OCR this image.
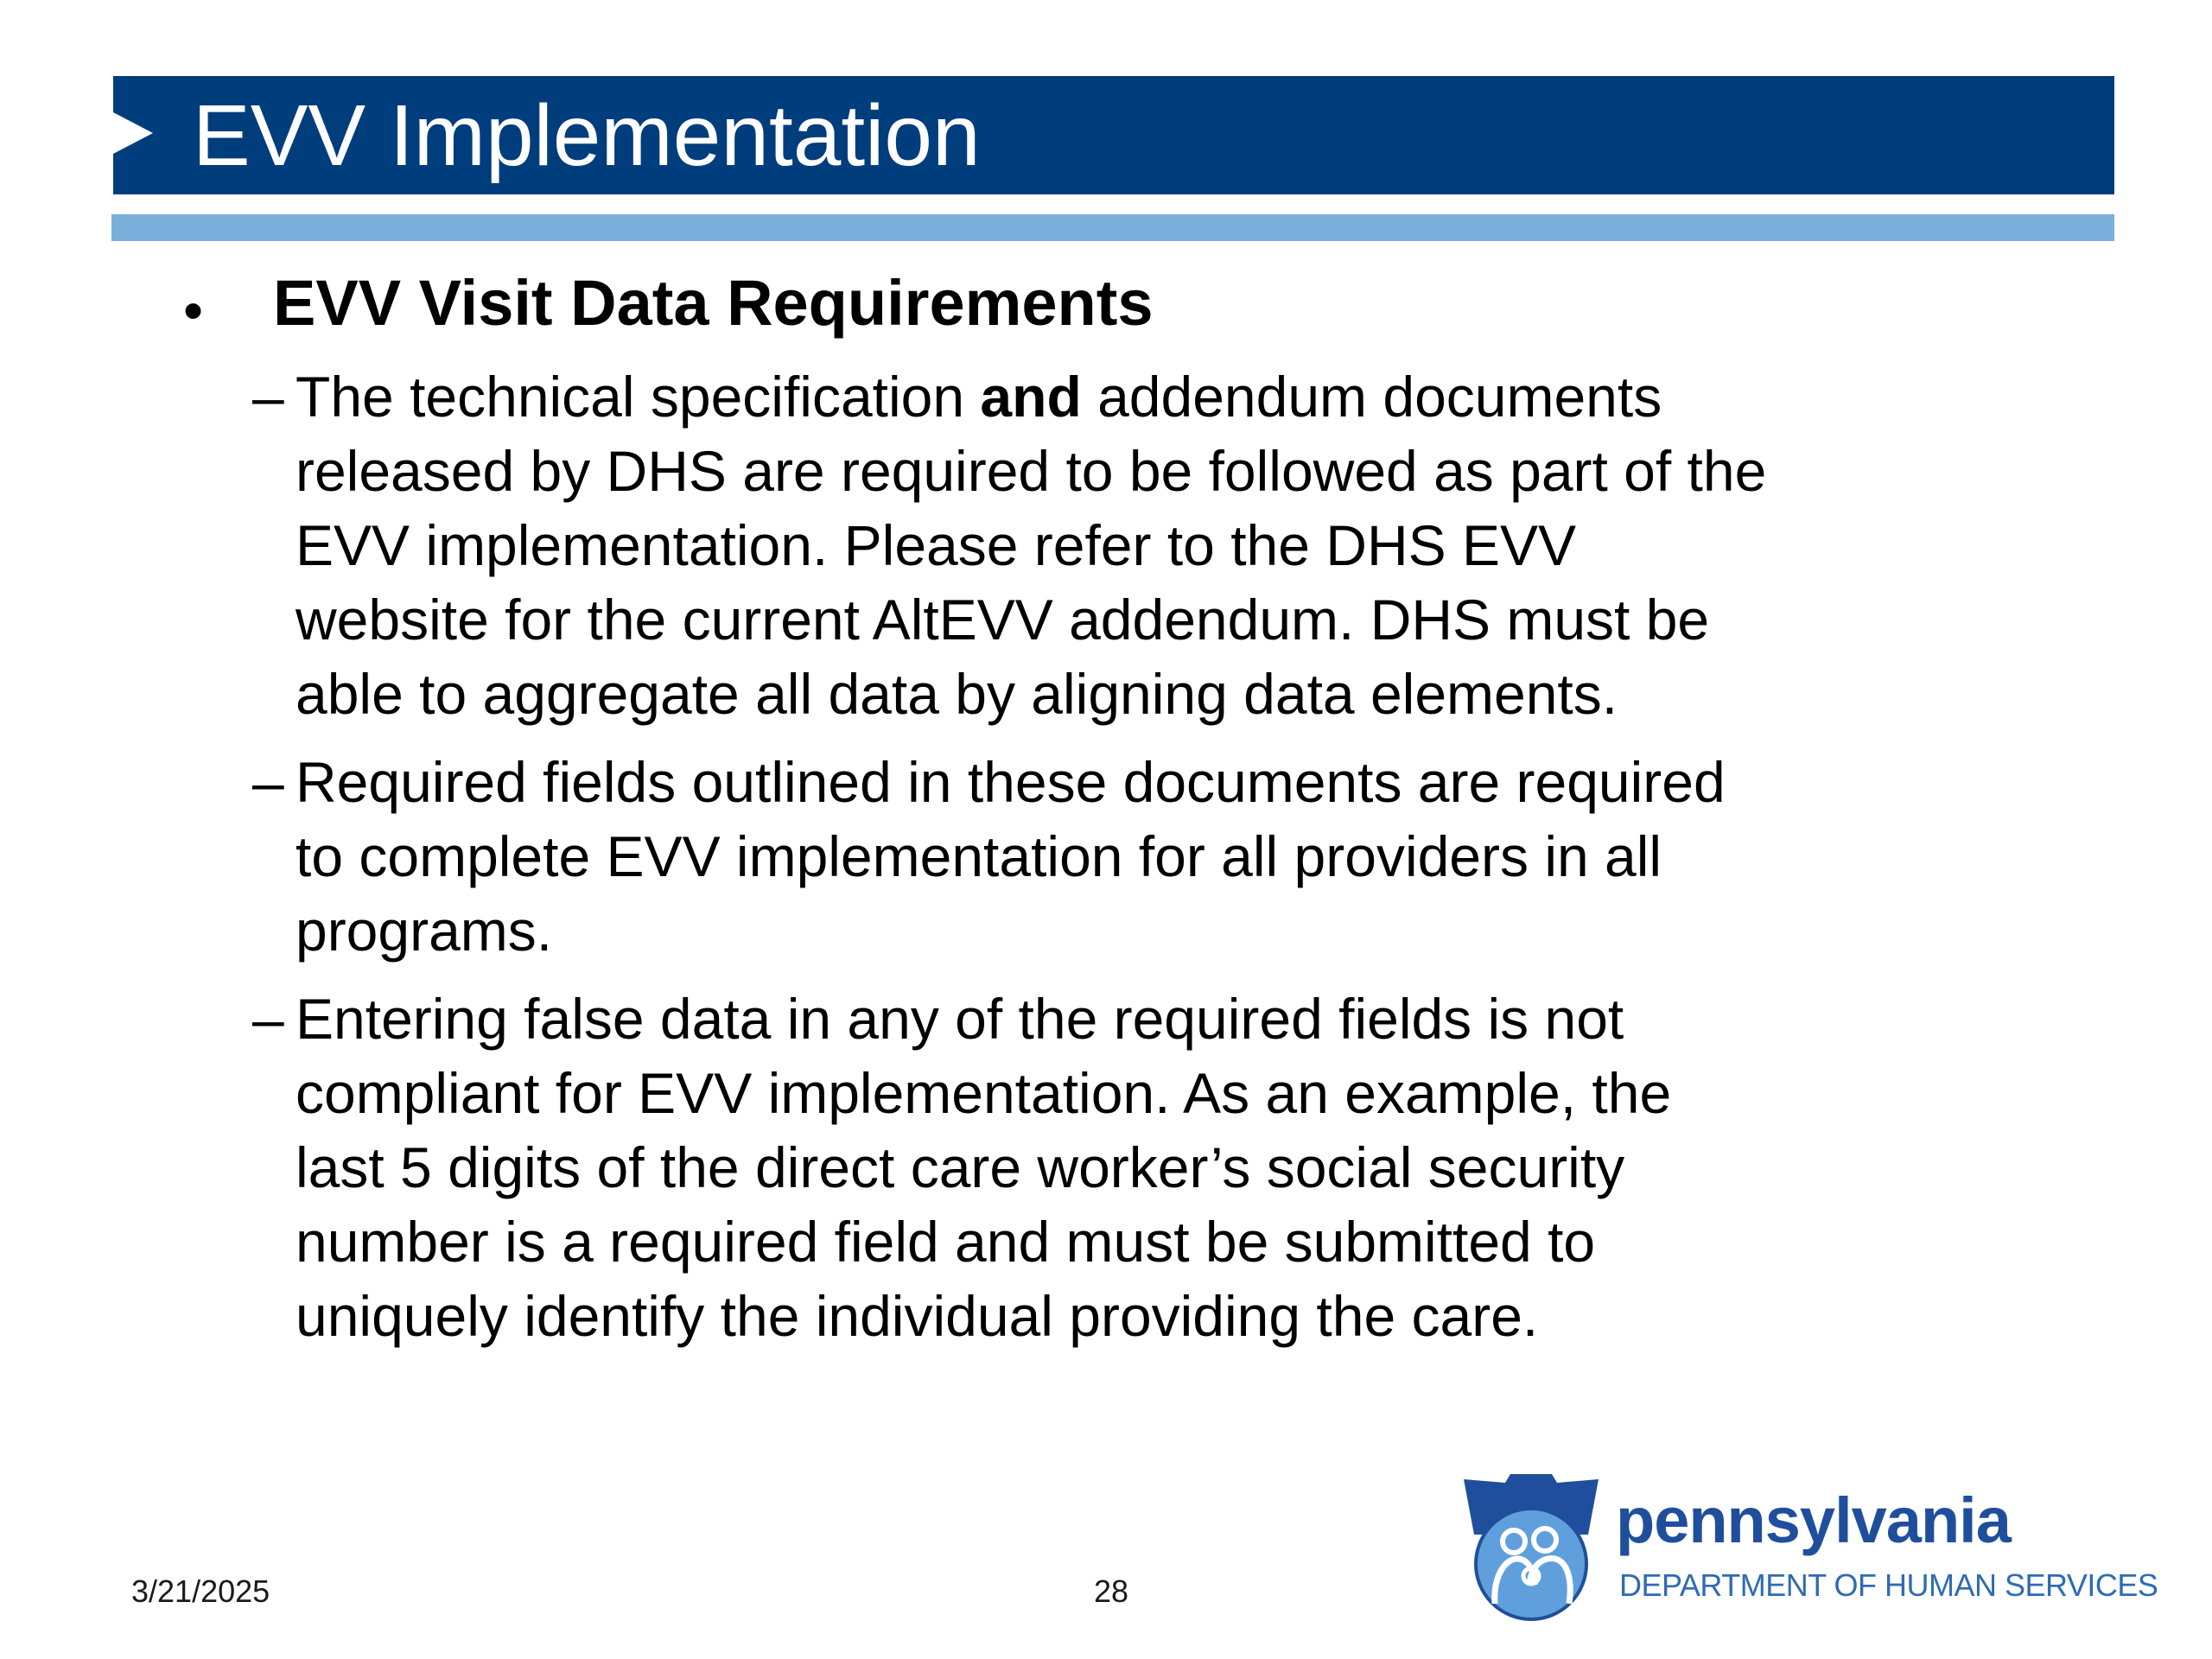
EVV Implementation
• EVV Visit Data Requirements
– The technical specification and addendum documents
released by DHS are required to be followed as part of the
EVV implementation. Please refer to the DHS EVV
website for the current AltEVV addendum. DHS must be
able to aggregate all data by aligning data elements.
– Required fields outlined in these documents are required
to complete EVV implementation for all providers in all
programs.
– Entering false data in any of the required fields is not
compliant for EVV implementation. As an example, the
last 5 digits of the direct care worker’s social security
number is a required field and must be submitted to
uniquely identify the individual providing the care.
3/21/2025	28
pennsylvania
DEPARTMENT OF HUMAN SERVICES
